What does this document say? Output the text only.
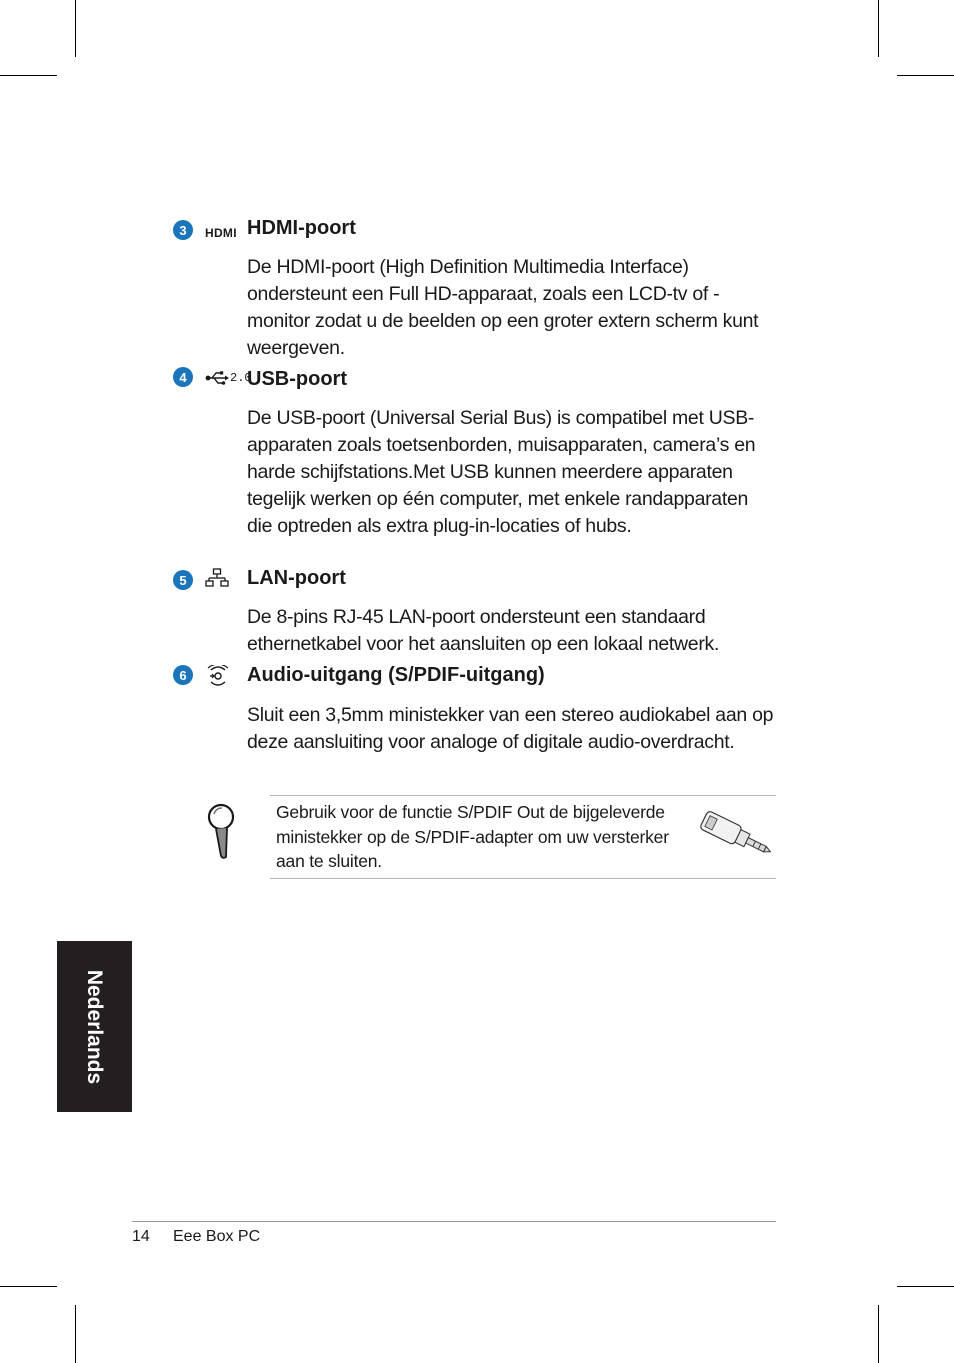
3	HDMI HDMI-poort
De HDMI-poort (High Definition Multimedia Interface) ondersteunt een Full HD-apparaat, zoals een LCD-tv of -monitor zodat u de beelden op een groter extern scherm kunt weergeven.
4	2.0
USB-poort
De USB-poort (Universal Serial Bus) is compatibel met USB-apparaten zoals toetsenborden, muisapparaten, camera’s en harde schijfstations.Met USB kunnen meerdere apparaten tegelijk werken op één computer, met enkele randapparaten die optreden als extra plug-in-locaties of hubs.
5	LAN-poort
De 8-pins RJ-45 LAN-poort ondersteunt een standaard ethernetkabel voor het aansluiten op een lokaal netwerk.
6	Audio-uitgang (S/PDIF-uitgang)
Sluit een 3,5mm ministekker van een stereo audiokabel aan op deze aansluiting voor analoge of digitale audio-overdracht.
Gebruik voor de functie S/PDIF Out de bijgeleverde ministekker op de S/PDIF-adapter om uw versterker aan te sluiten.
Nederlands
14 Eee Box PC
